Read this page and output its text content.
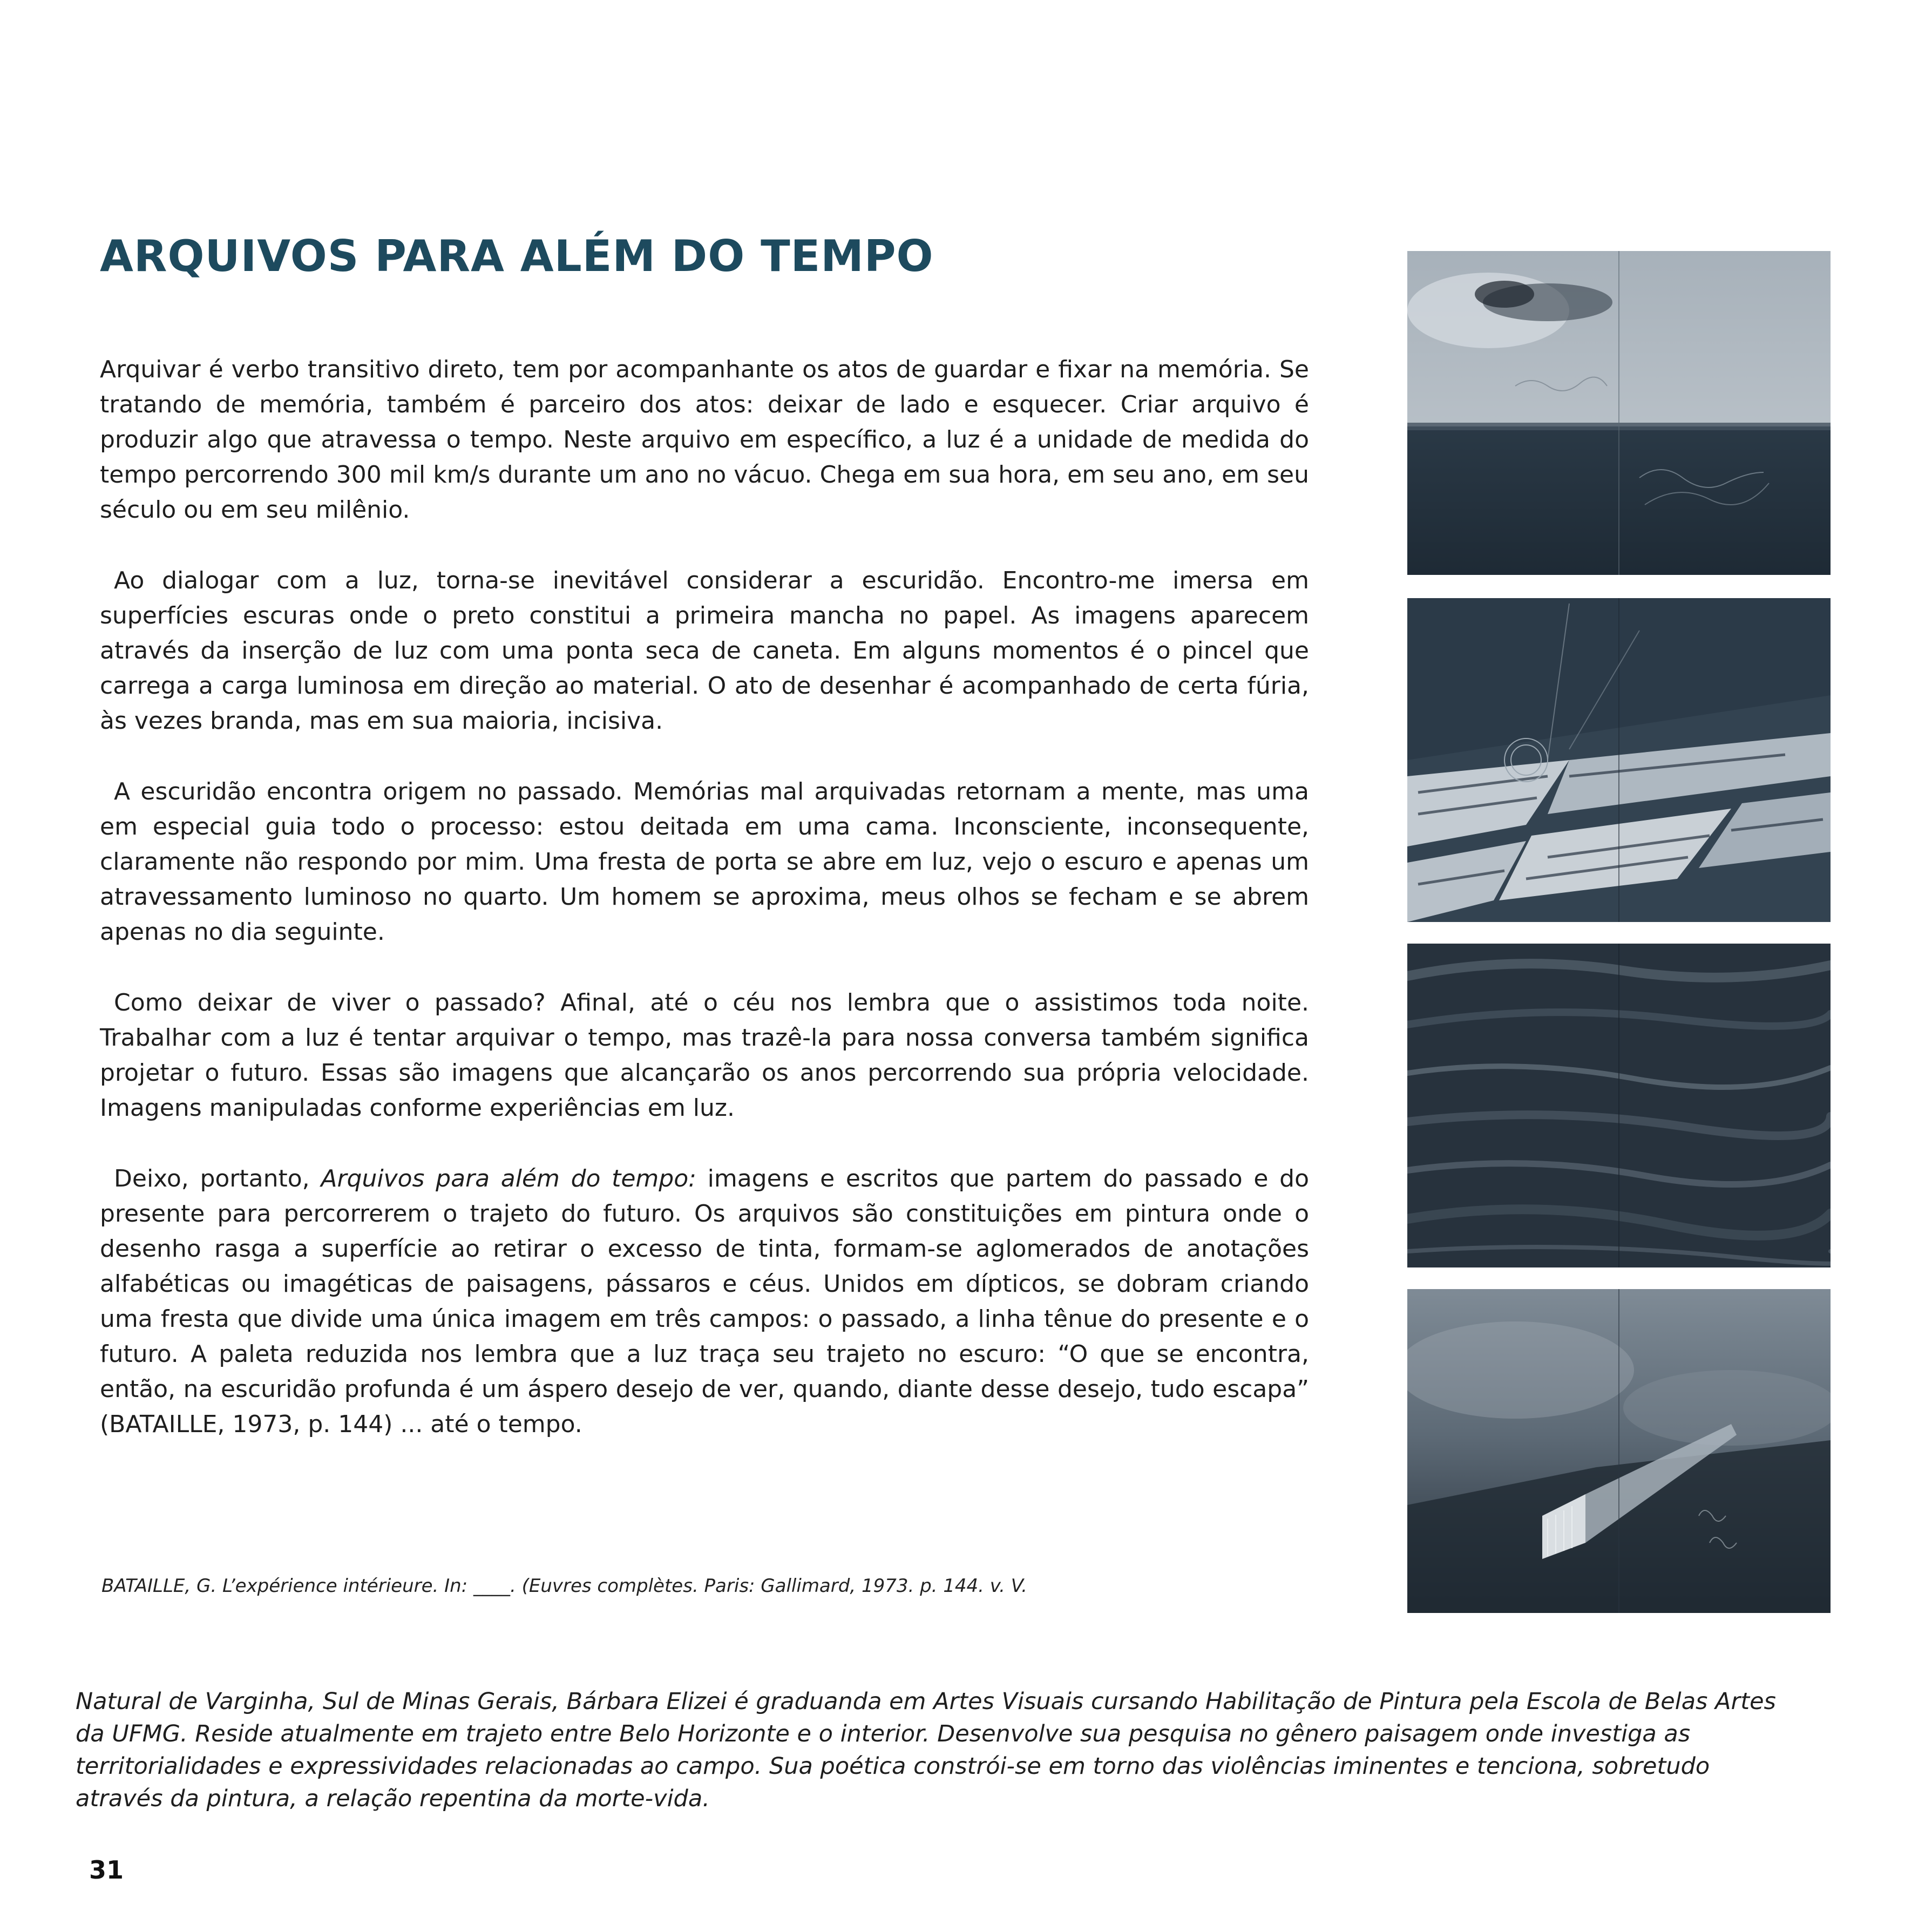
ARQUIVOS PARA ALÉM DO TEMPO

Arquivar é verbo transitivo direto, tem por acompanhante os atos de guardar e fixar na memória. Se tratando de memória, também é parceiro dos atos: deixar de lado e esquecer. Criar arquivo é produzir algo que atravessa o tempo. Neste arquivo em específico, a luz é a unidade de medida do tempo percorrendo 300 mil km/s durante um ano no vácuo. Chega em sua hora, em seu ano, em seu século ou em seu milênio.

Ao dialogar com a luz, torna-se inevitável considerar a escuridão. Encontro-me imersa em superfícies escuras onde o preto constitui a primeira mancha no papel. As imagens aparecem através da inserção de luz com uma ponta seca de caneta. Em alguns momentos é o pincel que carrega a carga luminosa em direção ao material. O ato de desenhar é acompanhado de certa fúria, às vezes branda, mas em sua maioria, incisiva.

A escuridão encontra origem no passado. Memórias mal arquivadas retornam a mente, mas uma em especial guia todo o processo: estou deitada em uma cama. Inconsciente, inconsequente, claramente não respondo por mim. Uma fresta de porta se abre em luz, vejo o escuro e apenas um atravessamento luminoso no quarto. Um homem se aproxima, meus olhos se fecham e se abrem apenas no dia seguinte.

Como deixar de viver o passado? Afinal, até o céu nos lembra que o assistimos toda noite. Trabalhar com a luz é tentar arquivar o tempo, mas trazê-la para nossa conversa também significa projetar o futuro. Essas são imagens que alcançarão os anos percorrendo sua própria velocidade. Imagens manipuladas conforme experiências em luz.

Deixo, portanto, Arquivos para além do tempo: imagens e escritos que partem do passado e do presente para percorrerem o trajeto do futuro. Os arquivos são constituições em pintura onde o desenho rasga a superfície ao retirar o excesso de tinta, formam-se aglomerados de anotações alfabéticas ou imagéticas de paisagens, pássaros e céus. Unidos em dípticos, se dobram criando uma fresta que divide uma única imagem em três campos: o passado, a linha tênue do presente e o futuro. A paleta reduzida nos lembra que a luz traça seu trajeto no escuro: “O que se encontra, então, na escuridão profunda é um áspero desejo de ver, quando, diante desse desejo, tudo escapa” (BATAILLE, 1973, p. 144) ... até o tempo.

BATAILLE, G. L’expérience intérieure. In: ____. (Euvres complètes. Paris: Gallimard, 1973. p. 144. v. V.

Natural de Varginha, Sul de Minas Gerais, Bárbara Elizei é graduanda em Artes Visuais cursando Habilitação de Pintura pela Escola de Belas Artes da UFMG. Reside atualmente em trajeto entre Belo Horizonte e o interior. Desenvolve sua pesquisa no gênero paisagem onde investiga as territorialidades e expressividades relacionadas ao campo. Sua poética constrói-se em torno das violências iminentes e tenciona, sobretudo através da pintura, a relação repentina da morte-vida.

31
